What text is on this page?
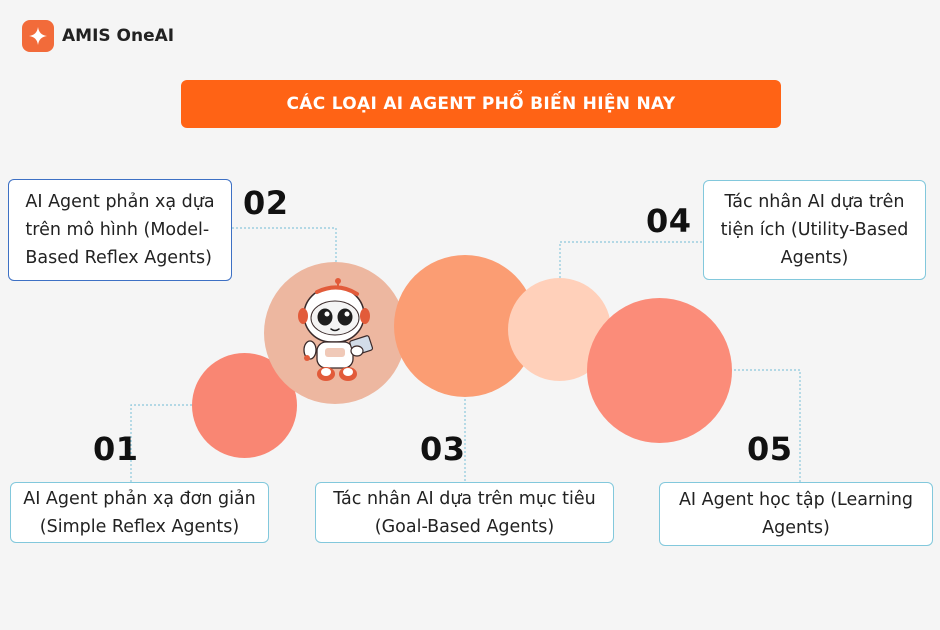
AMIS OneAI
CÁC LOẠI AI AGENT PHỔ BIẾN HIỆN NAY
01
02
03
04
05
AI Agent phản xạ đơn giản
(Simple Reflex Agents)
AI Agent phản xạ dựa
trên mô hình (Model-
Based Reflex Agents)
Tác nhân AI dựa trên mục tiêu
(Goal-Based Agents)
Tác nhân AI dựa trên
tiện ích (Utility-Based
Agents)
AI Agent học tập (Learning
Agents)
